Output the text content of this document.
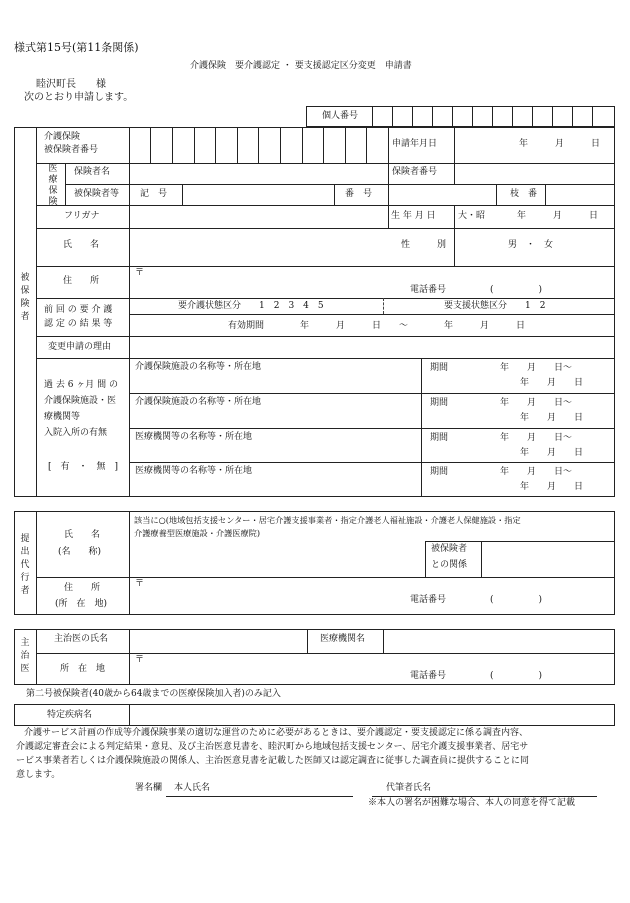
様式第15号(第11条関係)
介護保険　要介護認定 ・ 要支援認定区分変更　申請書
睦沢町長　　様
次のとおり申請します。
個人番号
被保険者
介護保険
被保険者番号
申請年月日	年　　　月　　　日
医療保険
保険者名	保険者番号
被保険者等 記　号	番　号	枝　番
フリガナ	生 年 月 日 大・昭	年　　　月　　　日
氏　　名	性　　　別	男　・　女
住　　所
〒
電話番号	(　　　　　)
前 回 の 要 介 護
認 定 の 結 果 等
要介護状態区分　　1　2　3　4　5	要支援状態区分　　1　2
有効期間　　　　年　　　月　　　日　　～　　　　年　　　月　　　日
変更申請の理由
過 去 6 ヶ月 間 の
介護保険施設・医
療機関等
入院入所の有無
[　有　・　無　]
介護保険施設の名称等・所在地	期間	年　　月　　日～
年　　月　　日
介護保険施設の名称等・所在地	期間	年　　月　　日～
年　　月　　日
医療機関等の名称等・所在地	期間	年　　月　　日～
年　　月　　日
医療機関等の名称等・所在地	期間	年　　月　　日～
年　　月　　日
提出代行者
氏　　名
(名　　称)
該当に○(地域包括支援センター・居宅介護支援事業者・指定介護老人福祉施設・介護老人保健施設・指定
介護療養型医療施設・介護医療院)
被保険者
との関係
住　　所
(所　在　地)
〒
電話番号	(　　　　　)
主治医
主治医の氏名	医療機関名
所　在　地
〒
電話番号	(　　　　　)
第二号被保険者(40歳から64歳までの医療保険加入者)のみ記入
特定疾病名
介護サービス計画の作成等介護保険事業の適切な運営のために必要があるときは、要介護認定・要支援認定に係る調査内容、
介護認定審査会による判定結果・意見、及び主治医意見書を、睦沢町から地域包括支援センター、居宅介護支援事業者、居宅サ
ービス事業者若しくは介護保険施設の関係人、主治医意見書を記載した医師又は認定調査に従事した調査員に提供することに同
意します。
署名欄 本人氏名	代筆者氏名
※本人の署名が困難な場合、本人の同意を得て記載
